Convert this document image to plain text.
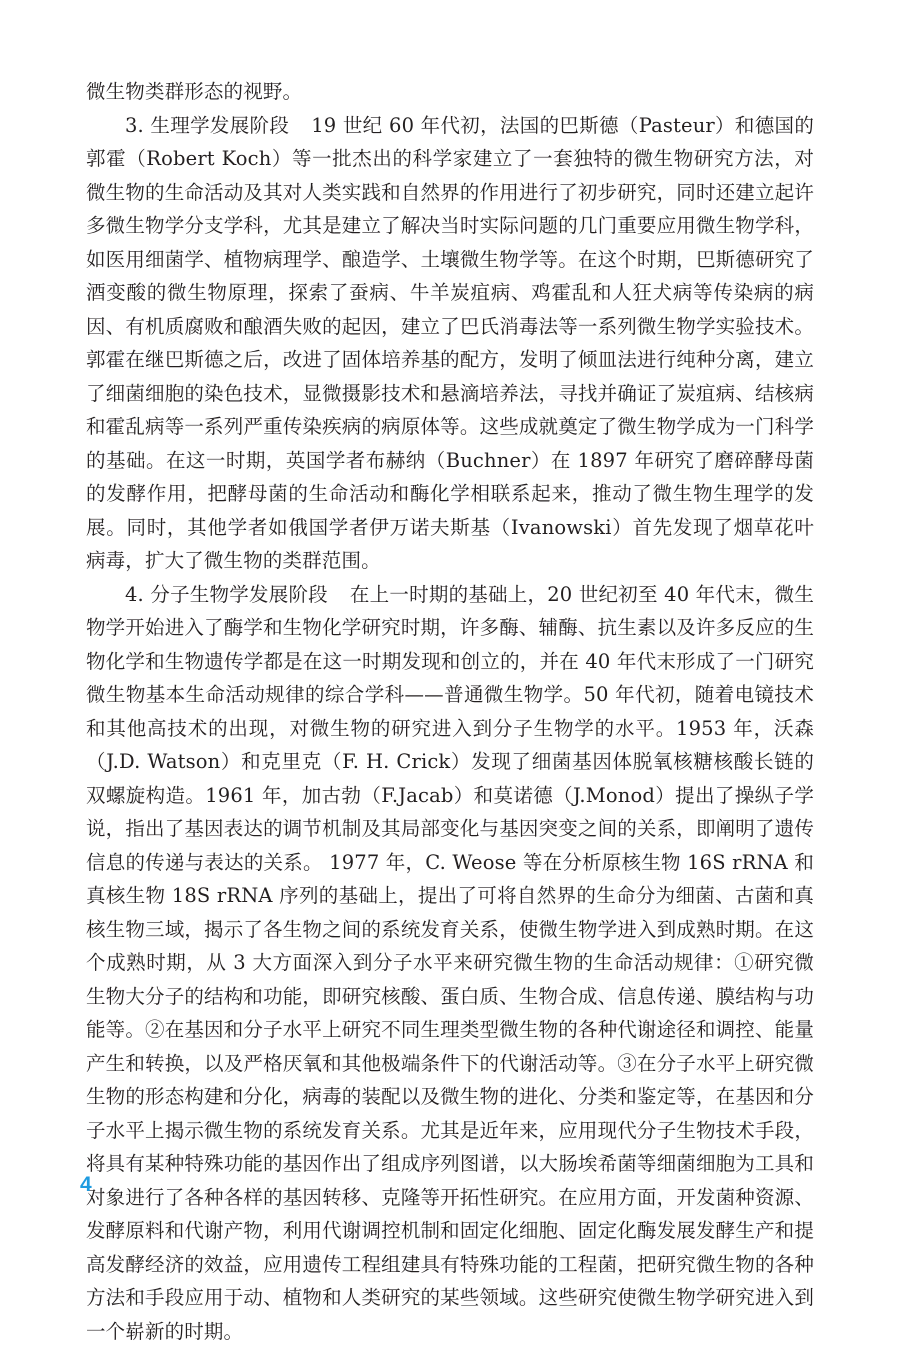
微生物类群形态的视野。

3. 生理学发展阶段 19 世纪 60 年代初，法国的巴斯德（Pasteur）和德国的郭霍（Robert Koch）等一批杰出的科学家建立了一套独特的微生物研究方法，对微生物的生命活动及其对人类实践和自然界的作用进行了初步研究，同时还建立起许多微生物学分支学科，尤其是建立了解决当时实际问题的几门重要应用微生物学科，如医用细菌学、植物病理学、酿造学、土壤微生物学等。在这个时期，巴斯德研究了酒变酸的微生物原理，探索了蚕病、牛羊炭疽病、鸡霍乱和人狂犬病等传染病的病因、有机质腐败和酿酒失败的起因，建立了巴氏消毒法等一系列微生物学实验技术。郭霍在继巴斯德之后，改进了固体培养基的配方，发明了倾皿法进行纯种分离，建立了细菌细胞的染色技术，显微摄影技术和悬滴培养法，寻找并确证了炭疽病、结核病和霍乱病等一系列严重传染疾病的病原体等。这些成就奠定了微生物学成为一门科学的基础。在这一时期，英国学者布赫纳（Buchner）在 1897 年研究了磨碎酵母菌的发酵作用，把酵母菌的生命活动和酶化学相联系起来，推动了微生物生理学的发展。同时，其他学者如俄国学者伊万诺夫斯基（Ivanowski）首先发现了烟草花叶病毒，扩大了微生物的类群范围。

4. 分子生物学发展阶段 在上一时期的基础上，20 世纪初至 40 年代末，微生物学开始进入了酶学和生物化学研究时期，许多酶、辅酶、抗生素以及许多反应的生物化学和生物遗传学都是在这一时期发现和创立的，并在 40 年代末形成了一门研究微生物基本生命活动规律的综合学科——普通微生物学。50 年代初，随着电镜技术和其他高技术的出现，对微生物的研究进入到分子生物学的水平。1953 年，沃森（J.D. Watson）和克里克（F. H. Crick）发现了细菌基因体脱氧核糖核酸长链的双螺旋构造。1961 年，加古勃（F.Jacab）和莫诺德（J.Monod）提出了操纵子学说，指出了基因表达的调节机制及其局部变化与基因突变之间的关系，即阐明了遗传信息的传递与表达的关系。 1977 年，C. Weose 等在分析原核生物 16S rRNA 和真核生物 18S rRNA 序列的基础上，提出了可将自然界的生命分为细菌、古菌和真核生物三域，揭示了各生物之间的系统发育关系，使微生物学进入到成熟时期。在这个成熟时期，从 3 大方面深入到分子水平来研究微生物的生命活动规律：①研究微生物大分子的结构和功能，即研究核酸、蛋白质、生物合成、信息传递、膜结构与功能等。②在基因和分子水平上研究不同生理类型微生物的各种代谢途径和调控、能量产生和转换，以及严格厌氧和其他极端条件下的代谢活动等。③在分子水平上研究微生物的形态构建和分化，病毒的装配以及微生物的进化、分类和鉴定等，在基因和分子水平上揭示微生物的系统发育关系。尤其是近年来，应用现代分子生物技术手段，将具有某种特殊功能的基因作出了组成序列图谱，以大肠埃希菌等细菌细胞为工具和对象进行了各种各样的基因转移、克隆等开拓性研究。在应用方面，开发菌种资源、发酵原料和代谢产物，利用代谢调控机制和固定化细胞、固定化酶发展发酵生产和提高发酵经济的效益，应用遗传工程组建具有特殊功能的工程菌，把研究微生物的各种方法和手段应用于动、植物和人类研究的某些领域。这些研究使微生物学研究进入到一个崭新的时期。

4
